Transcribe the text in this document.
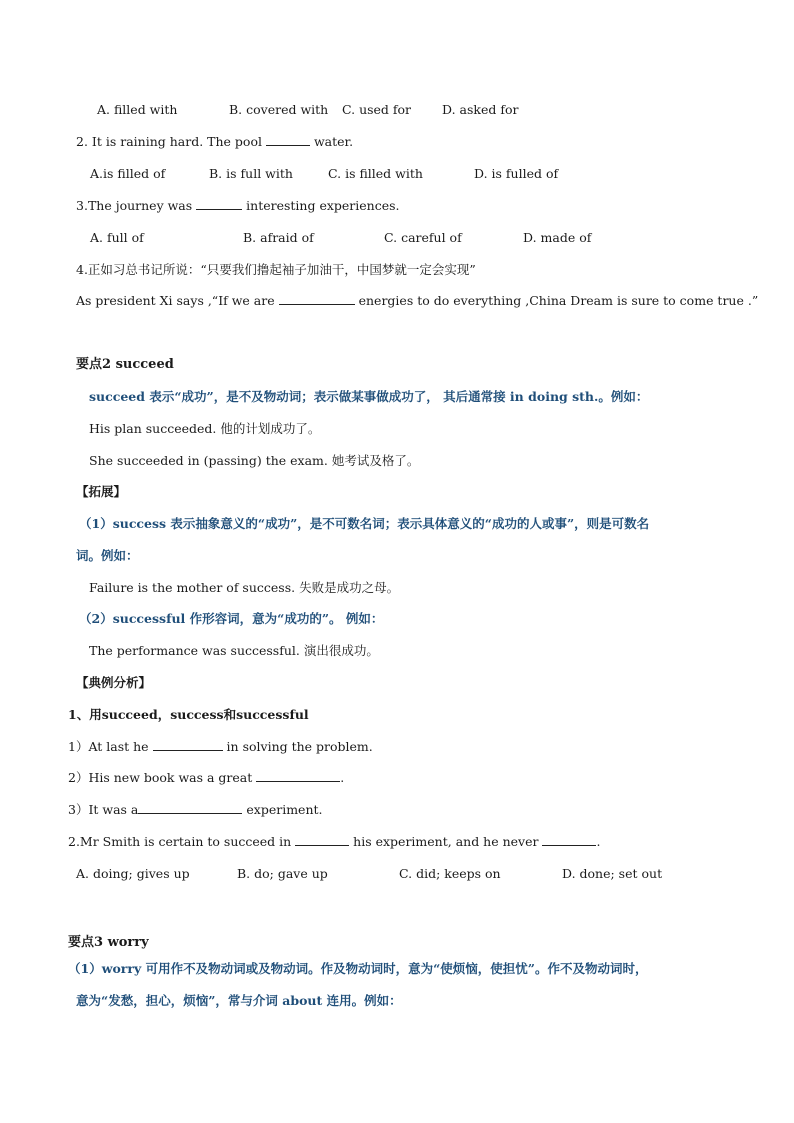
A. filled with	B. covered with C. used for D. asked for
2. It is raining hard. The pool	water.
A.is filled of	B. is full with	C. is filled with	D. is fulled of
3.The journey was	interesting experiences.
A. full of	B. afraid of	C. careful of	D. made of
4.正如习总书记所说：“只要我们撸起袖子加油干，中国梦就一定会实现”
As president Xi says ,“If we are	energies to do everything ,China Dream is sure to come true .”
要点2 succeed
succeed 表示“成功”，是不及物动词；表示做某事做成功了， 其后通常接 in doing sth.。例如：
His plan succeeded. 他的计划成功了。
She succeeded in (passing) the exam. 她考试及格了。
【拓展】
（1）success 表示抽象意义的“成功”，是不可数名词；表示具体意义的“成功的人或事”，则是可数名
词。例如：
Failure is the mother of success. 失败是成功之母。
（2）successful 作形容词，意为“成功的”。 例如：
The performance was successful. 演出很成功。
【典例分析】
1、用succeed，success和successful
1）At last he	in solving the problem.
2）His new book was a great	.
3）It was a	experiment.
2.Mr Smith is certain to succeed in	his experiment, and he never	.
A. doing; gives up	B. do; gave up	C. did; keeps on	D. done; set out
要点3 worry
（1）worry 可用作不及物动词或及物动词。作及物动词时，意为“使烦恼，使担忧”。作不及物动词时，
意为“发愁，担心，烦恼”，常与介词 about 连用。例如：
